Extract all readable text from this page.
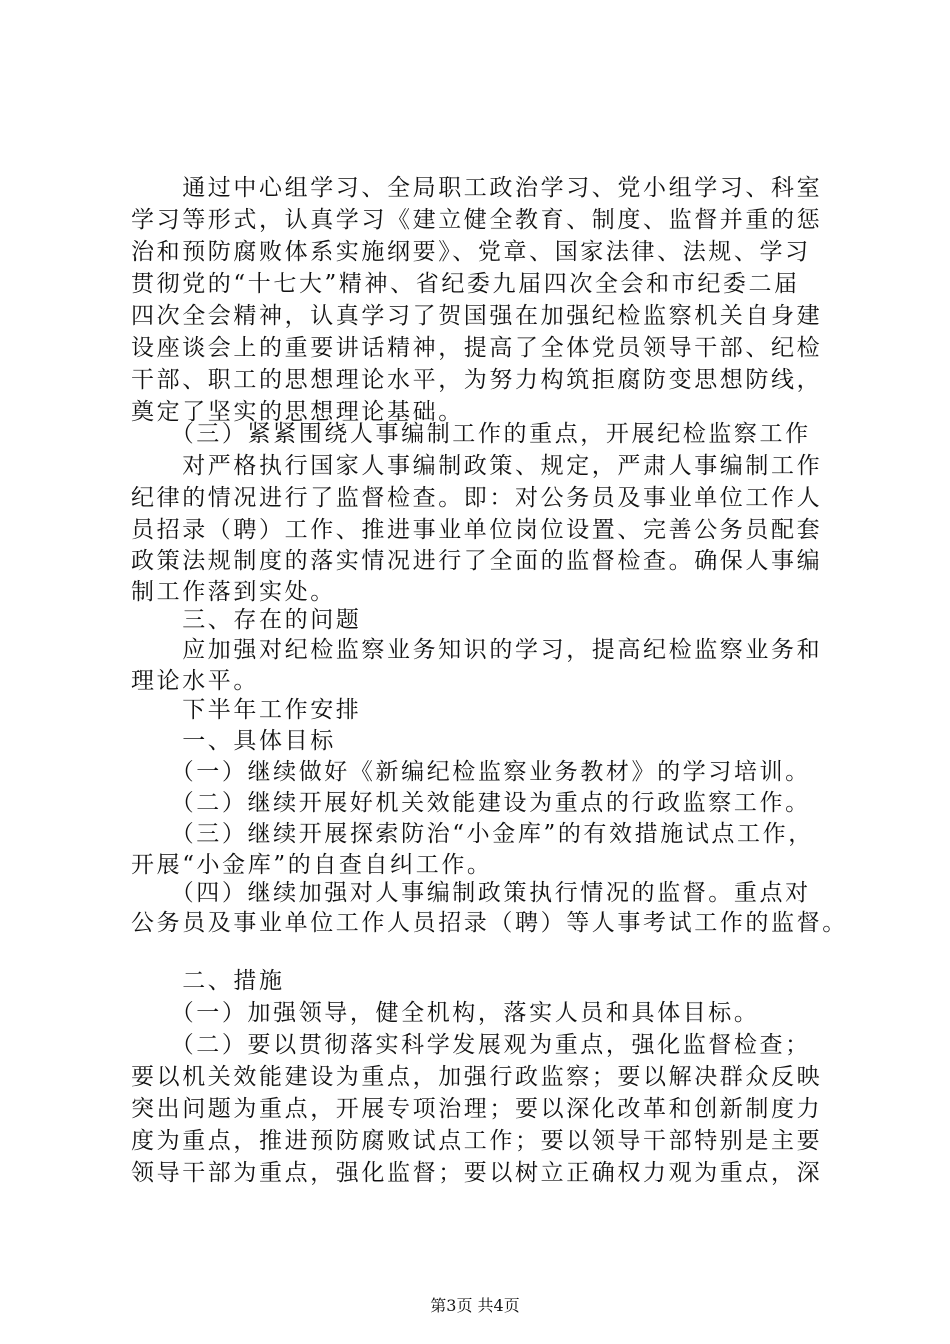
　　通过中心组学习、全局职工政治学习、党小组学习、科室
学习等形式，认真学习《建立健全教育、制度、监督并重的惩
治和预防腐败体系实施纲要》、党章、国家法律、法规、学习
贯彻党的“十七大”精神、省纪委九届四次全会和市纪委二届
四次全会精神，认真学习了贺国强在加强纪检监察机关自身建
设座谈会上的重要讲话精神，提高了全体党员领导干部、纪检
干部、职工的思想理论水平，为努力构筑拒腐防变思想防线，
奠定了坚实的思想理论基础。
　　（三）紧紧围绕人事编制工作的重点，开展纪检监察工作
　　对严格执行国家人事编制政策、规定，严肃人事编制工作
纪律的情况进行了监督检查。即：对公务员及事业单位工作人
员招录（聘）工作、推进事业单位岗位设置、完善公务员配套
政策法规制度的落实情况进行了全面的监督检查。确保人事编
制工作落到实处。
　　三、存在的问题
　　应加强对纪检监察业务知识的学习，提高纪检监察业务和
理论水平。
　　下半年工作安排
　　一、具体目标
　　（一）继续做好《新编纪检监察业务教材》的学习培训。
　　（二）继续开展好机关效能建设为重点的行政监察工作。
　　（三）继续开展探索防治“小金库”的有效措施试点工作，
开展“小金库”的自查自纠工作。
　　（四）继续加强对人事编制政策执行情况的监督。重点对
公务员及事业单位工作人员招录（聘）等人事考试工作的监督。
　　二、措施
　　（一）加强领导，健全机构，落实人员和具体目标。
　　（二）要以贯彻落实科学发展观为重点，强化监督检查；
要以机关效能建设为重点，加强行政监察；要以解决群众反映
突出问题为重点，开展专项治理；要以深化改革和创新制度力
度为重点，推进预防腐败试点工作；要以领导干部特别是主要
领导干部为重点，强化监督；要以树立正确权力观为重点，深
第3页 共4页
